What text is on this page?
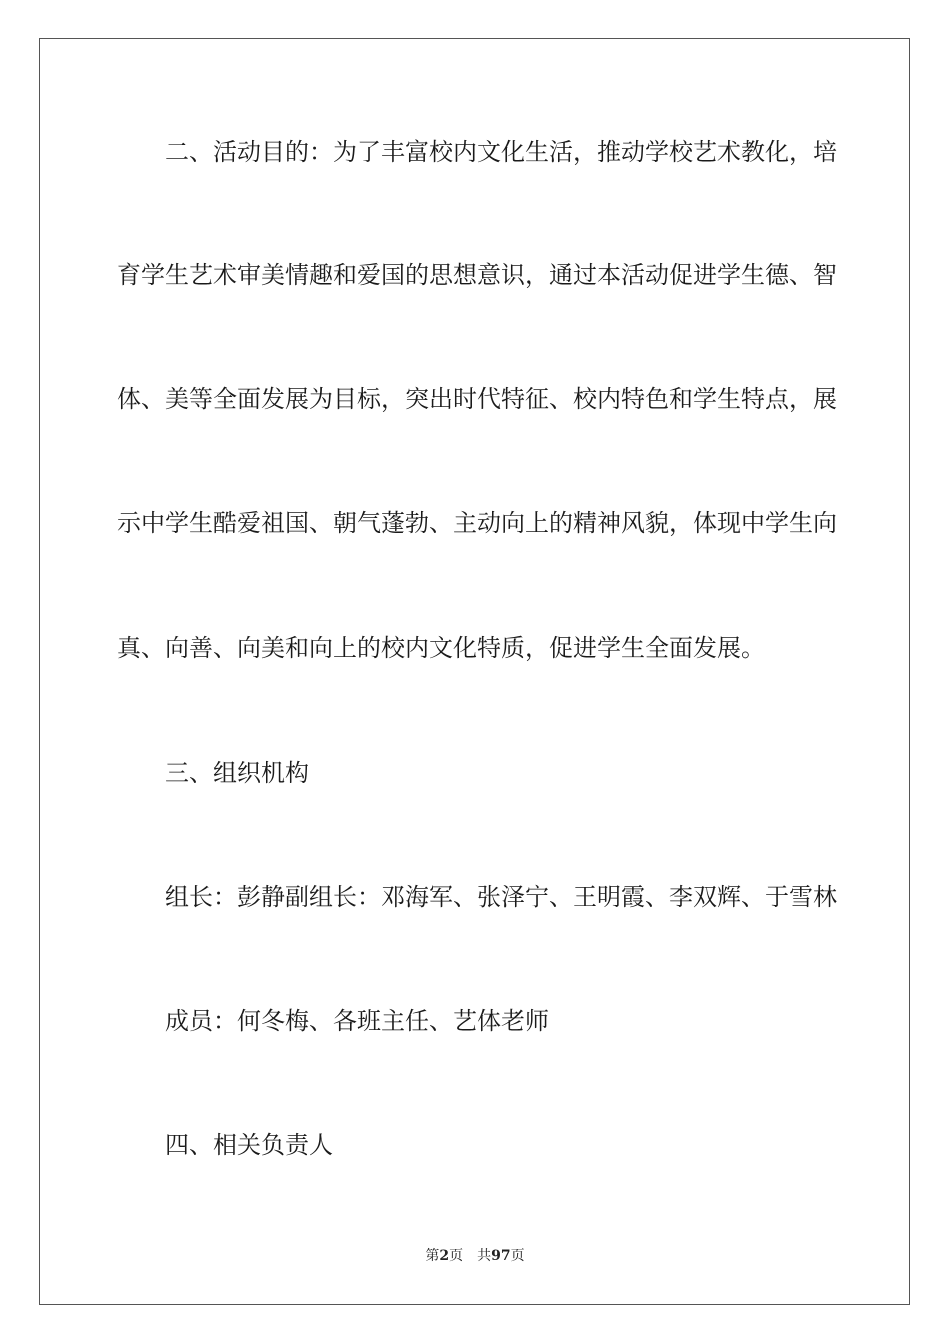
二、活动目的：为了丰富校内文化生活，推动学校艺术教化，培
育学生艺术审美情趣和爱国的思想意识，通过本活动促进学生德、智
体、美等全面发展为目标，突出时代特征、校内特色和学生特点，展
示中学生酷爱祖国、朝气蓬勃、主动向上的精神风貌，体现中学生向
真、向善、向美和向上的校内文化特质，促进学生全面发展。
三、组织机构
组长：彭静副组长：邓海军、张泽宁、王明霞、李双辉、于雪林
成员：何冬梅、各班主任、艺体老师
四、相关负责人
第2页 共97页
